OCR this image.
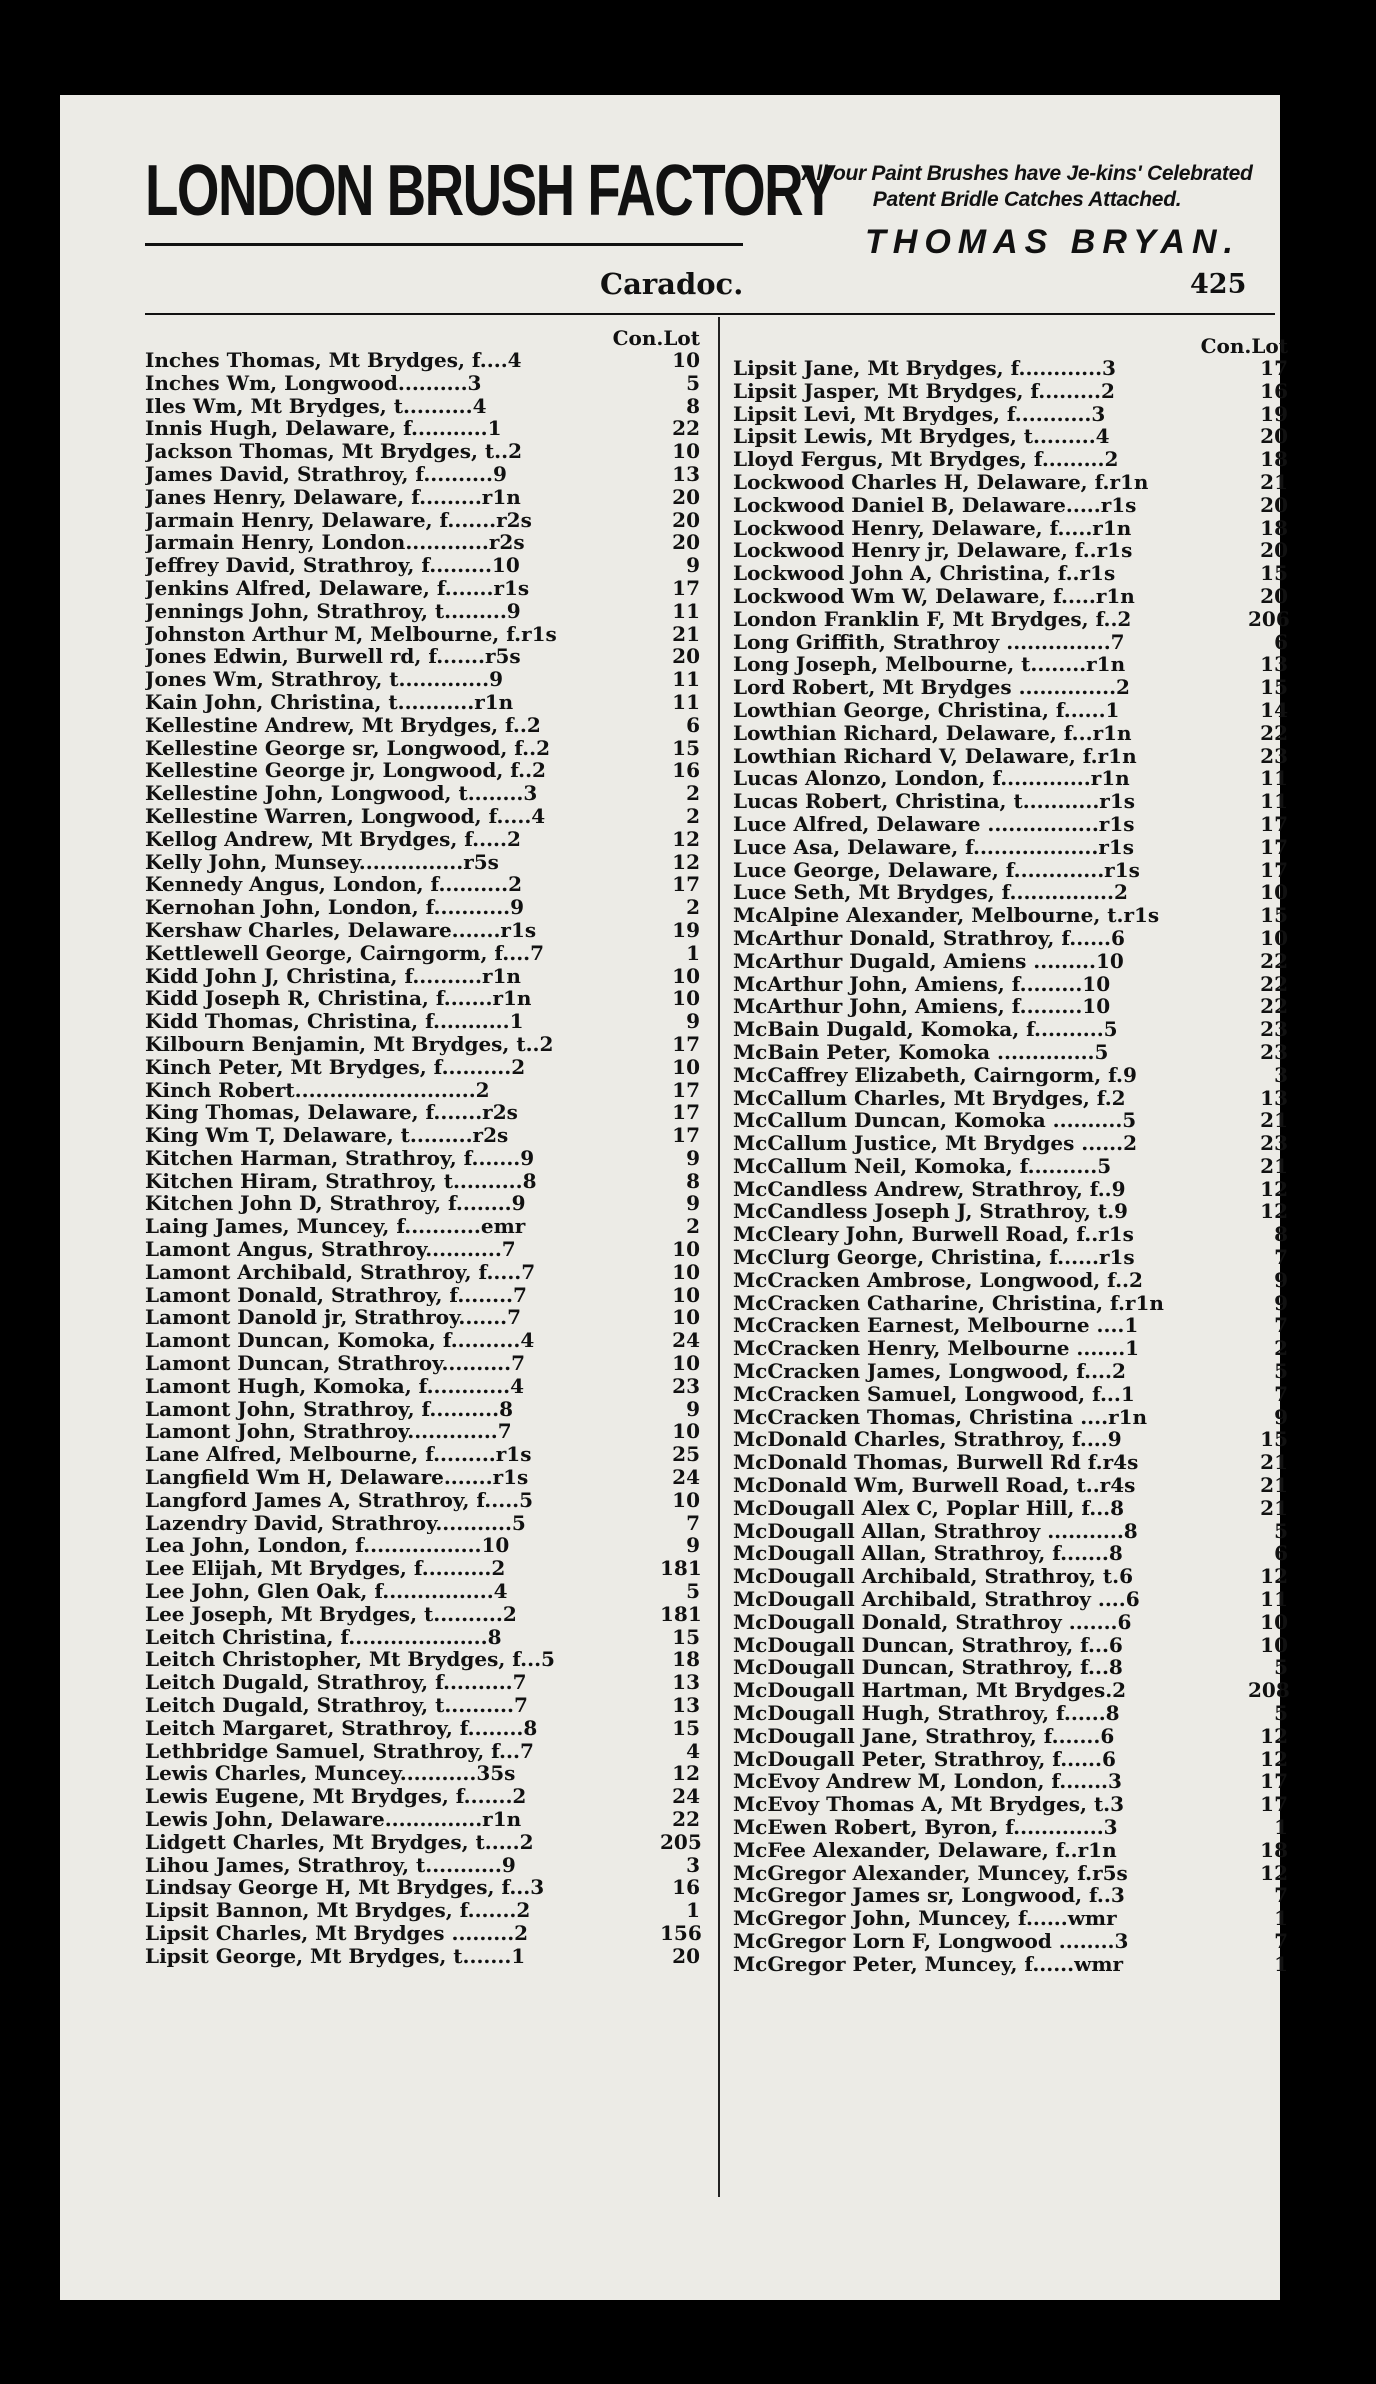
LONDON BRUSH FACTORY
All our Paint Brushes have Je-kins' Celebrated Patent Bridle Catches Attached.
THOMAS BRYAN.
Caradoc.	425
Con.Lot
Inches Thomas, Mt Brydges, f....4	10
Inches Wm, Longwood..........3	5
Iles Wm, Mt Brydges, t..........4	8
Innis Hugh, Delaware, f...........1	22
Jackson Thomas, Mt Brydges, t..2	10
James David, Strathroy, f..........9	13
Janes Henry, Delaware, f.........r1n	20
Jarmain Henry, Delaware, f.......r2s	20
Jarmain Henry, London............r2s	20
Jeffrey David, Strathroy, f.........10	9
Jenkins Alfred, Delaware, f.......r1s	17
Jennings John, Strathroy, t.........9	11
Johnston Arthur M, Melbourne, f.r1s	21
Jones Edwin, Burwell rd, f.......r5s	20
Jones Wm, Strathroy, t.............9	11
Kain John, Christina, t...........r1n	11
Kellestine Andrew, Mt Brydges, f..2	6
Kellestine George sr, Longwood, f..2	15
Kellestine George jr, Longwood, f..2	16
Kellestine John, Longwood, t........3	2
Kellestine Warren, Longwood, f.....4	2
Kellog Andrew, Mt Brydges, f.....2	12
Kelly John, Munsey...............r5s	12
Kennedy Angus, London, f..........2	17
Kernohan John, London, f...........9	2
Kershaw Charles, Delaware.......r1s	19
Kettlewell George, Cairngorm, f....7	1
Kidd John J, Christina, f..........r1n	10
Kidd Joseph R, Christina, f.......r1n	10
Kidd Thomas, Christina, f...........1	9
Kilbourn Benjamin, Mt Brydges, t..2	17
Kinch Peter, Mt Brydges, f..........2	10
Kinch Robert..........................2	17
King Thomas, Delaware, f.......r2s	17
King Wm T, Delaware, t.........r2s	17
Kitchen Harman, Strathroy, f.......9	9
Kitchen Hiram, Strathroy, t..........8	8
Kitchen John D, Strathroy, f........9	9
Laing James, Muncey, f...........emr	2
Lamont Angus, Strathroy...........7	10
Lamont Archibald, Strathroy, f.....7	10
Lamont Donald, Strathroy, f........7	10
Lamont Danold jr, Strathroy.......7	10
Lamont Duncan, Komoka, f..........4	24
Lamont Duncan, Strathroy..........7	10
Lamont Hugh, Komoka, f............4	23
Lamont John, Strathroy, f..........8	9
Lamont John, Strathroy.............7	10
Lane Alfred, Melbourne, f.........r1s	25
Langfield Wm H, Delaware.......r1s	24
Langford James A, Strathroy, f.....5	10
Lazendry David, Strathroy...........5	7
Lea John, London, f.................10	9
Lee Elijah, Mt Brydges, f..........2	181
Lee John, Glen Oak, f................4	5
Lee Joseph, Mt Brydges, t..........2	181
Leitch Christina, f....................8	15
Leitch Christopher, Mt Brydges, f...5	18
Leitch Dugald, Strathroy, f..........7	13
Leitch Dugald, Strathroy, t..........7	13
Leitch Margaret, Strathroy, f........8	15
Lethbridge Samuel, Strathroy, f...7	4
Lewis Charles, Muncey...........35s	12
Lewis Eugene, Mt Brydges, f.......2	24
Lewis John, Delaware..............r1n	22
Lidgett Charles, Mt Brydges, t.....2	205
Lihou James, Strathroy, t...........9	3
Lindsay George H, Mt Brydges, f...3	16
Lipsit Bannon, Mt Brydges, f.......2	1
Lipsit Charles, Mt Brydges .........2	156
Lipsit George, Mt Brydges, t.......1	20
Con.Lot
Lipsit Jane, Mt Brydges, f............3	17
Lipsit Jasper, Mt Brydges, f.........2	16
Lipsit Levi, Mt Brydges, f...........3	19
Lipsit Lewis, Mt Brydges, t.........4	20
Lloyd Fergus, Mt Brydges, f.........2	18
Lockwood Charles H, Delaware, f.r1n	21
Lockwood Daniel B, Delaware.....r1s	20
Lockwood Henry, Delaware, f.....r1n	18
Lockwood Henry jr, Delaware, f..r1s	20
Lockwood John A, Christina, f..r1s	15
Lockwood Wm W, Delaware, f.....r1n	20
London Franklin F, Mt Brydges, f..2	206
Long Griffith, Strathroy ...............7	6
Long Joseph, Melbourne, t........r1n	13
Lord Robert, Mt Brydges ..............2	15
Lowthian George, Christina, f......1	14
Lowthian Richard, Delaware, f...r1n	22
Lowthian Richard V, Delaware, f.r1n	23
Lucas Alonzo, London, f.............r1n	11
Lucas Robert, Christina, t...........r1s	11
Luce Alfred, Delaware ................r1s	17
Luce Asa, Delaware, f..................r1s	17
Luce George, Delaware, f.............r1s	17
Luce Seth, Mt Brydges, f...............2	10
McAlpine Alexander, Melbourne, t.r1s	15
McArthur Donald, Strathroy, f......6	10
McArthur Dugald, Amiens .........10	22
McArthur John, Amiens, f.........10	22
McArthur John, Amiens, f.........10	22
McBain Dugald, Komoka, f..........5	23
McBain Peter, Komoka ..............5	23
McCaffrey Elizabeth, Cairngorm, f.9	3
McCallum Charles, Mt Brydges, f.2	13
McCallum Duncan, Komoka ..........5	21
McCallum Justice, Mt Brydges ......2	23
McCallum Neil, Komoka, f..........5	21
McCandless Andrew, Strathroy, f..9	12
McCandless Joseph J, Strathroy, t.9	12
McCleary John, Burwell Road, f..r1s	8
McClurg George, Christina, f......r1s	7
McCracken Ambrose, Longwood, f..2	9
McCracken Catharine, Christina, f.r1n	9
McCracken Earnest, Melbourne ....1	7
McCracken Henry, Melbourne .......1	2
McCracken James, Longwood, f....2	5
McCracken Samuel, Longwood, f...1	7
McCracken Thomas, Christina ....r1n	9
McDonald Charles, Strathroy, f....9	15
McDonald Thomas, Burwell Rd f.r4s	21
McDonald Wm, Burwell Road, t..r4s	21
McDougall Alex C, Poplar Hill, f...8	21
McDougall Allan, Strathroy ...........8	5
McDougall Allan, Strathroy, f.......8	6
McDougall Archibald, Strathroy, t.6	12
McDougall Archibald, Strathroy ....6	11
McDougall Donald, Strathroy .......6	10
McDougall Duncan, Strathroy, f...6	10
McDougall Duncan, Strathroy, f...8	5
McDougall Hartman, Mt Brydges.2	208
McDougall Hugh, Strathroy, f......8	5
McDougall Jane, Strathroy, f.......6	12
McDougall Peter, Strathroy, f......6	12
McEvoy Andrew M, London, f.......3	17
McEvoy Thomas A, Mt Brydges, t.3	17
McEwen Robert, Byron, f.............3	1
McFee Alexander, Delaware, f..r1n	18
McGregor Alexander, Muncey, f.r5s	12
McGregor James sr, Longwood, f..3	7
McGregor John, Muncey, f......wmr	1
McGregor Lorn F, Longwood ........3	7
McGregor Peter, Muncey, f......wmr	1
